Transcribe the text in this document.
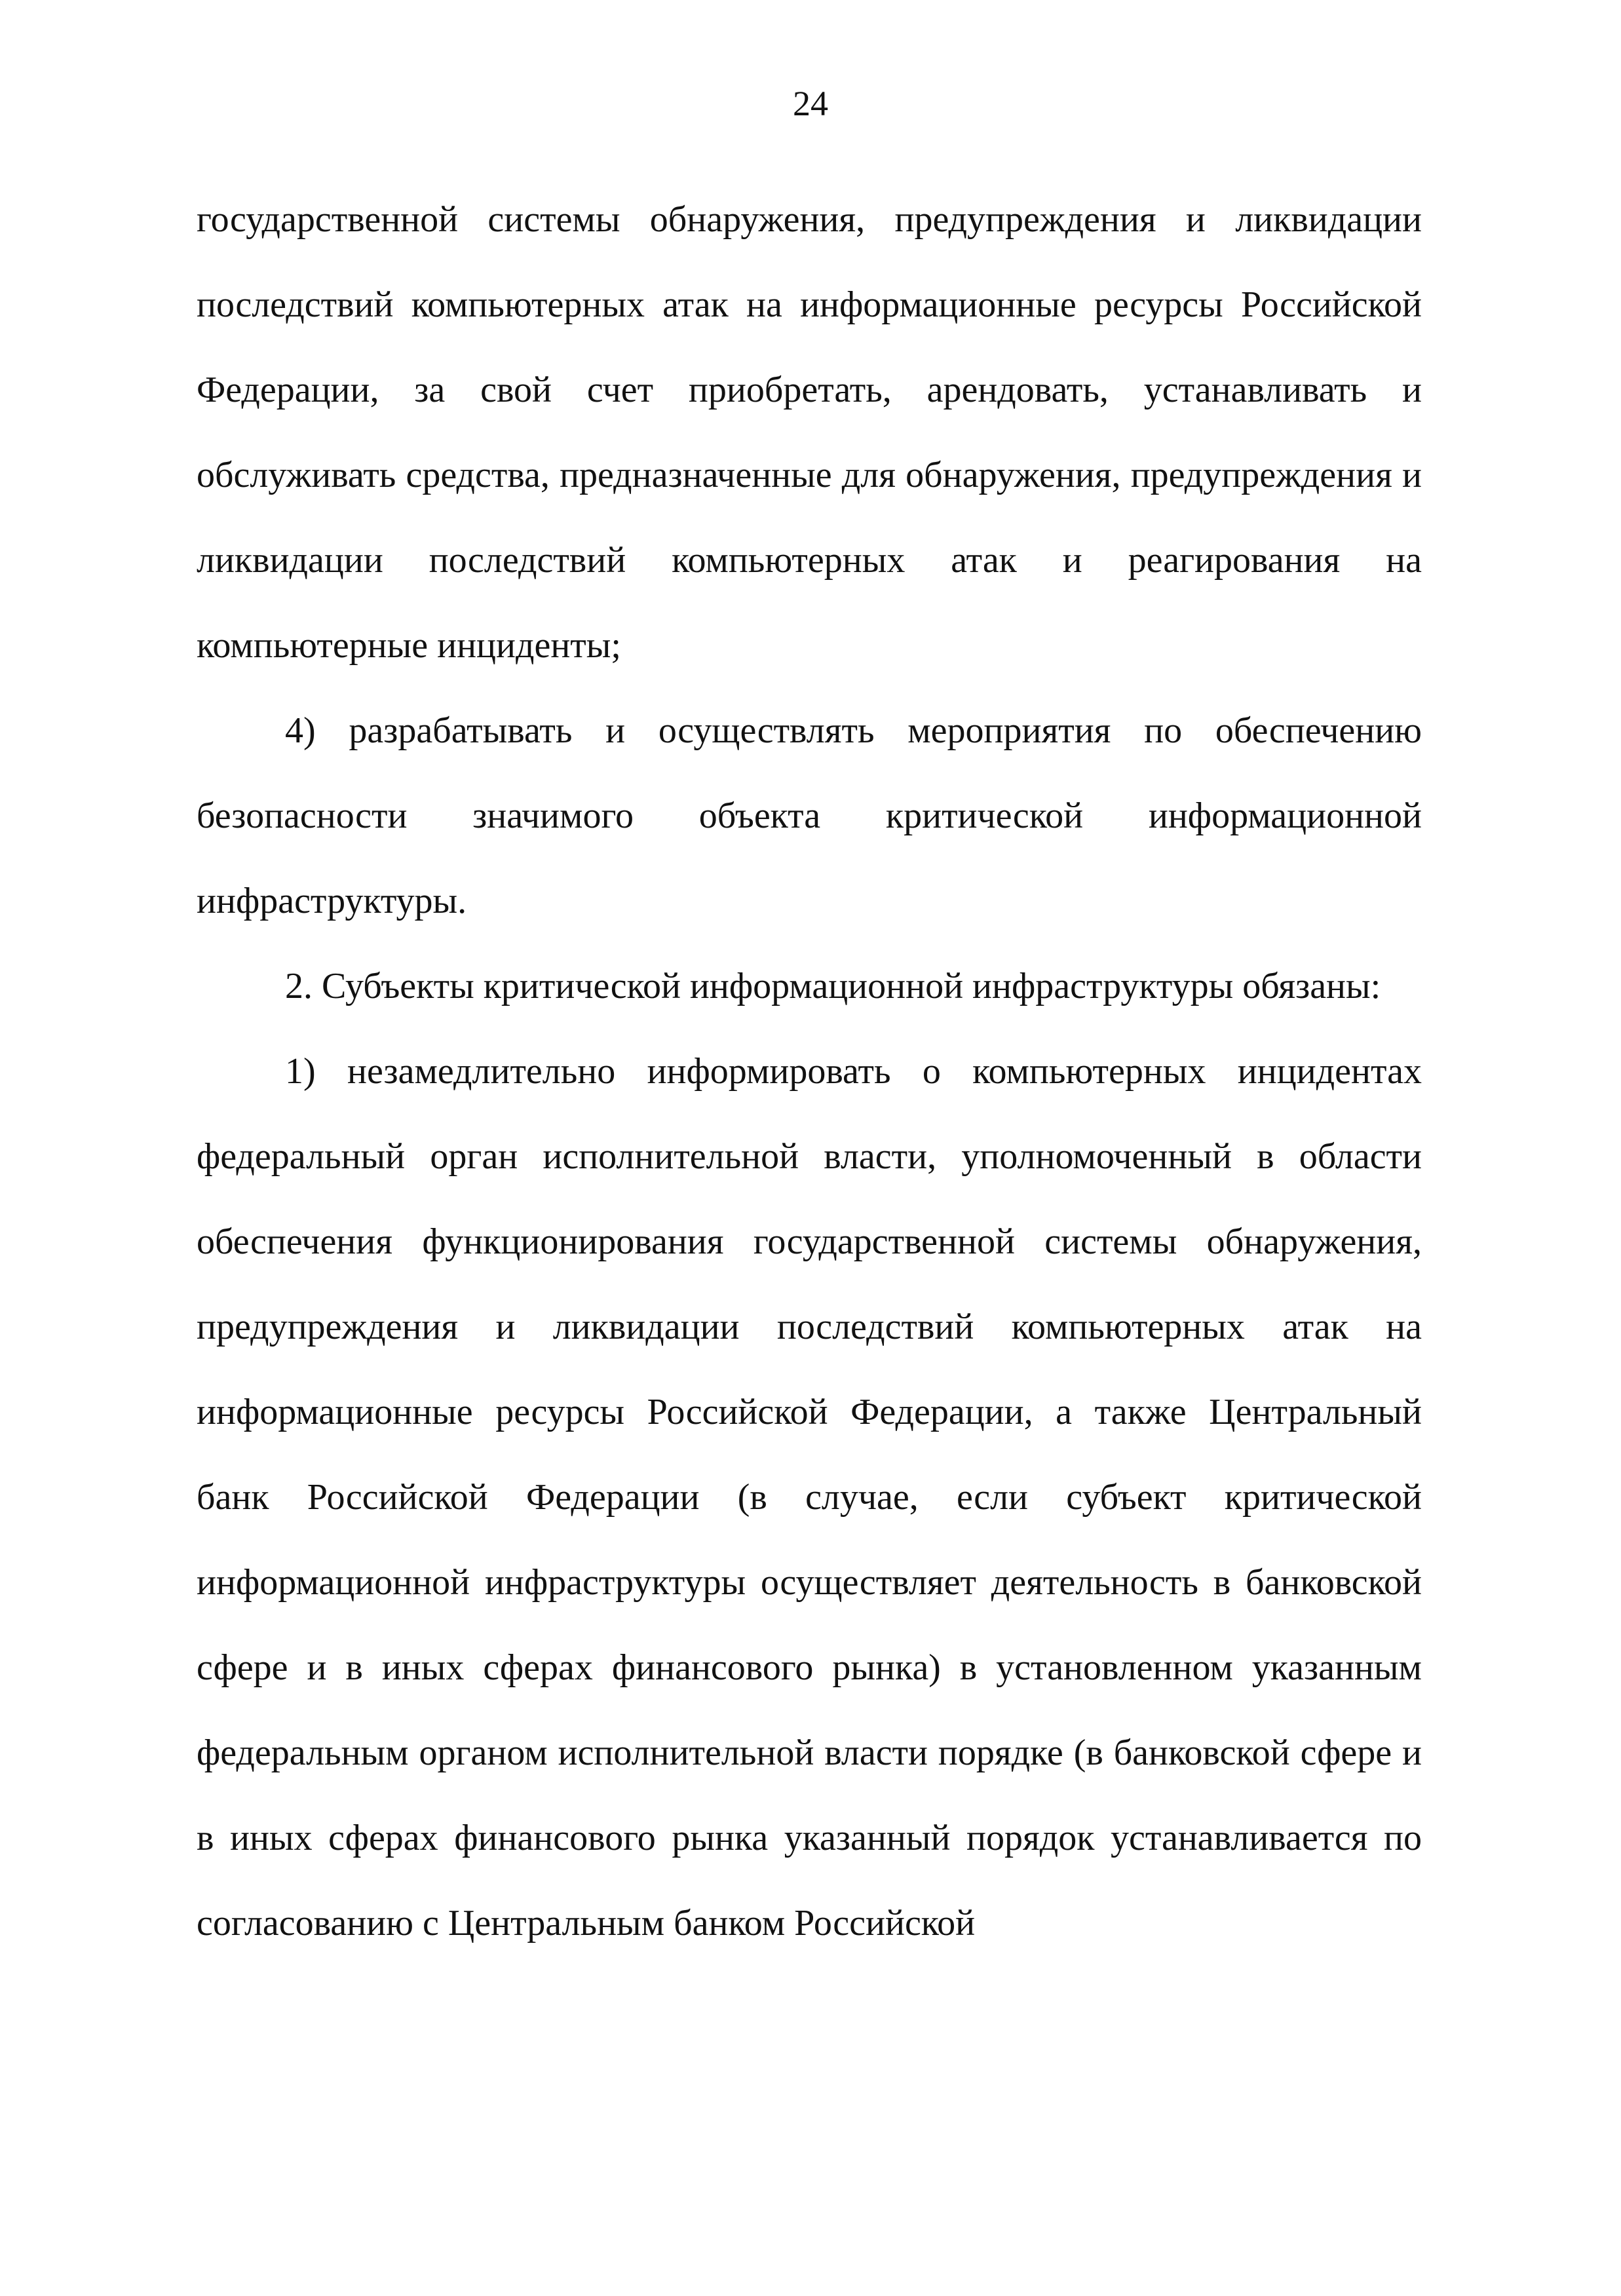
24

государственной системы обнаружения, предупреждения и ликвидации последствий компьютерных атак на информационные ресурсы Российской Федерации, за свой счет приобретать, арендовать, устанавливать и обслуживать средства, предназначенные для обнаружения, предупреждения и ликвидации последствий компьютерных атак и реагирования на компьютерные инциденты;

4) разрабатывать и осуществлять мероприятия по обеспечению безопасности значимого объекта критической информационной инфраструктуры.

2. Субъекты критической информационной инфраструктуры обязаны:

1) незамедлительно информировать о компьютерных инцидентах федеральный орган исполнительной власти, уполномоченный в области обеспечения функционирования государственной системы обнаружения, предупреждения и ликвидации последствий компьютерных атак на информационные ресурсы Российской Федерации, а также Центральный банк Российской Федерации (в случае, если субъект критической информационной инфраструктуры осуществляет деятельность в банковской сфере и в иных сферах финансового рынка) в установленном указанным федеральным органом исполнительной власти порядке (в банковской сфере и в иных сферах финансового рынка указанный порядок устанавливается по согласованию с Центральным банком Российской
